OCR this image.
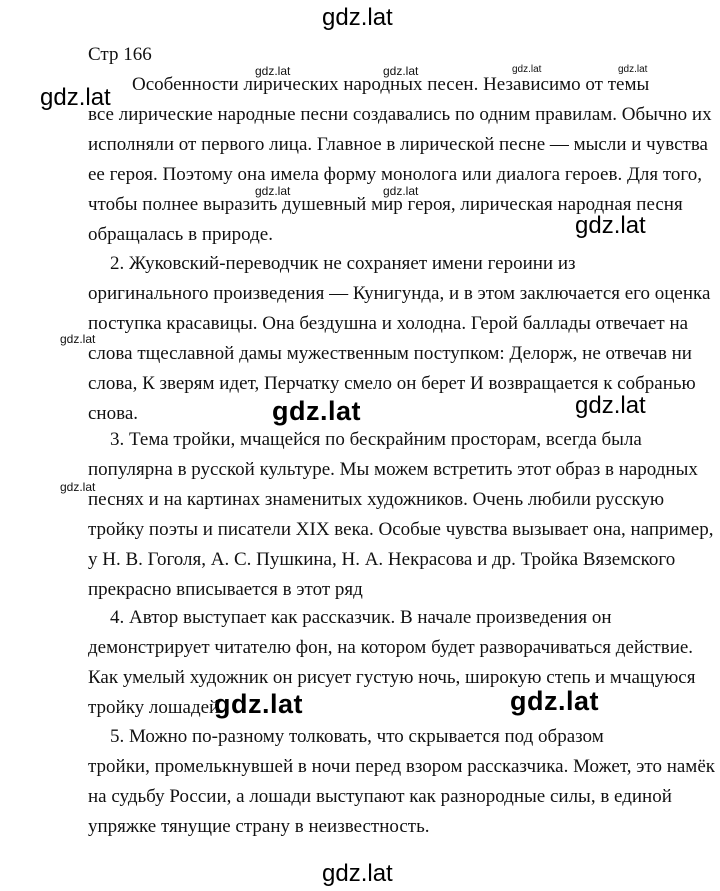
Стр 166

Особенности лирических народных песен. Независимо от темы
все лирические народные песни создавались по одним правилам. Обычно их
исполняли от первого лица. Главное в лирической песне — мысли и чувства
ее героя. Поэтому она имела форму монолога или диалога героев. Для того,
чтобы полнее выразить душевный мир героя, лирическая народная песня
обращалась в природе.
2. Жуковский-переводчик не сохраняет имени героини из
оригинального произведения — Кунигунда, и в этом заключается его оценка
поступка красавицы. Она бездушна и холодна. Герой баллады отвечает на
слова тщеславной дамы мужественным поступком: Делорж, не отвечав ни
слова, К зверям идет, Перчатку смело он берет И возвращается к собранью
снова.
3. Тема тройки, мчащейся по бескрайним просторам, всегда была
популярна в русской культуре. Мы можем встретить этот образ в народных
песнях и на картинах знаменитых художников. Очень любили русскую
тройку поэты и писатели XIX века. Особые чувства вызывает она, например,
у Н. В. Гоголя, А. С. Пушкина, Н. А. Некрасова и др. Тройка Вяземского
прекрасно вписывается в этот ряд
4. Автор выступает как рассказчик. В начале произведения он
демонстрирует читателю фон, на котором будет разворачиваться действие.
Как умелый художник он рисует густую ночь, широкую степь и мчащуюся
тройку лошадей.
5. Можно по-разному толковать, что скрывается под образом
тройки, промелькнувшей в ночи перед взором рассказчика. Может, это намёк
на судьбу России, а лошади выступают как разнородные силы, в единой
упряжке тянущие страну в неизвестность.
gdz.lat
gdz.lat
gdz.lat	gdz.lat	gdz.lat	gdz.lat
gdz.lat	gdz.lat
gdz.lat
gdz.lat
gdz.lat	gdz.lat
gdz.lat
gdz.lat	gdz.lat
gdz.lat
